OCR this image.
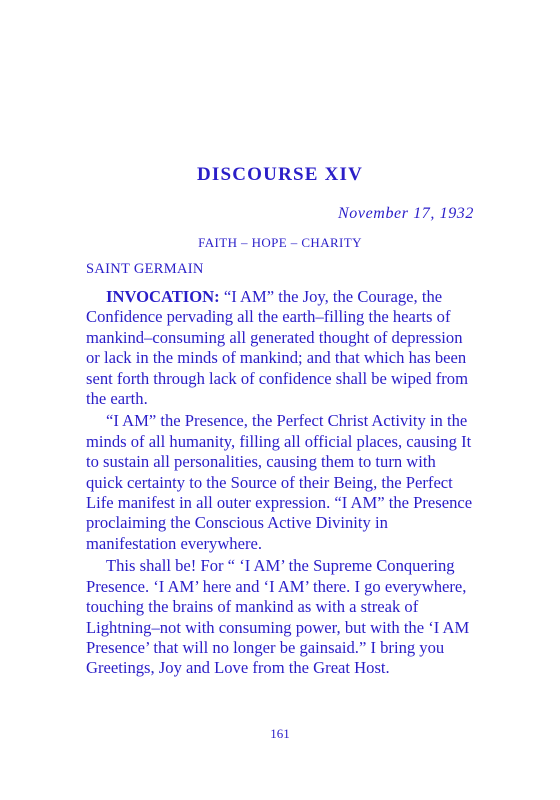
DISCOURSE XIV
November 17, 1932
FAITH – HOPE – CHARITY
SAINT GERMAIN

INVOCATION: “I AM” the Joy, the Courage, the Confidence pervading all the earth–filling the hearts of mankind–consuming all generated thought of depression or lack in the minds of mankind; and that which has been sent forth through lack of confidence shall be wiped from the earth.

“I AM” the Presence, the Perfect Christ Activity in the minds of all humanity, filling all official places, causing It to sustain all personalities, causing them to turn with quick certainty to the Source of their Being, the Perfect Life manifest in all outer expression. “I AM” the Presence proclaiming the Conscious Active Divinity in manifestation everywhere.

This shall be! For “ ‘I AM’ the Supreme Conquering Presence. ‘I AM’ here and ‘I AM’ there. I go everywhere, touching the brains of mankind as with a streak of Lightning–not with consuming power, but with the ‘I AM Presence’ that will no longer be gainsaid.” I bring you Greetings, Joy and Love from the Great Host.

161
